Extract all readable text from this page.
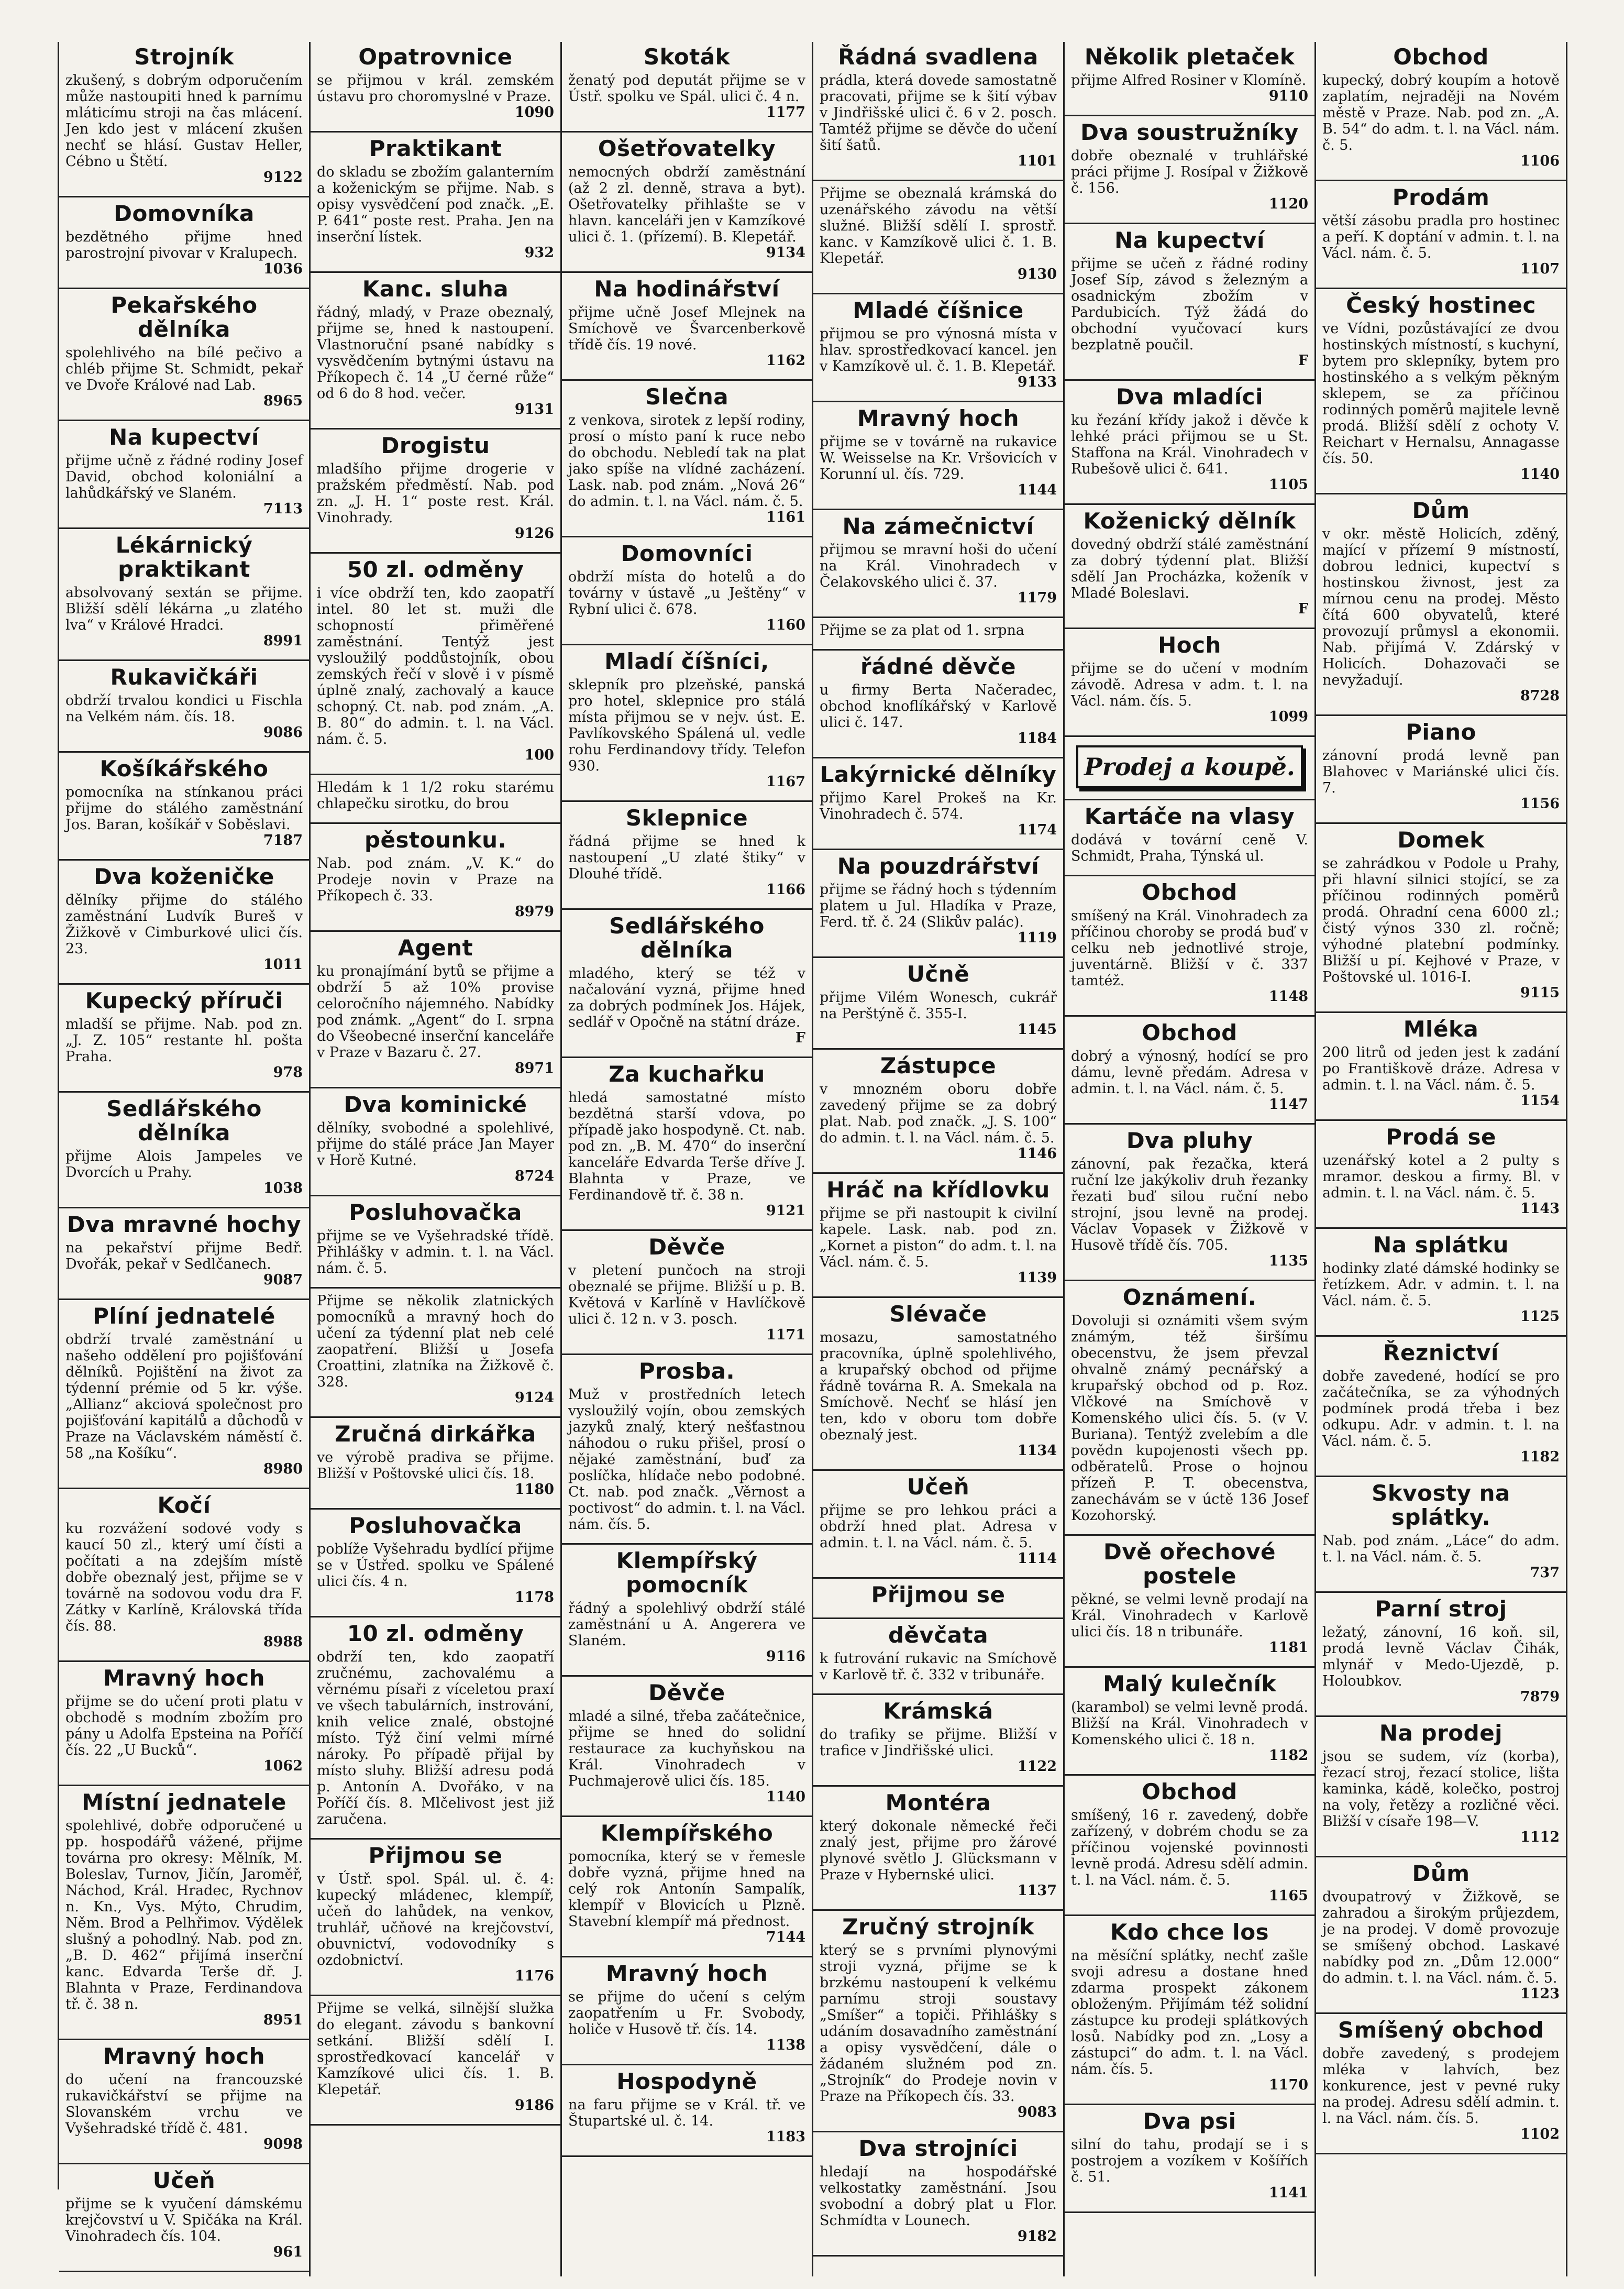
Strojník

zkušený, s dobrým odporučením může nastoupiti hned k parnímu mláticímu stroji na čas mlácení. Jen kdo jest v mlácení zkušen nechť se hlásí. Gustav Heller, Cébno u Štětí.

9122
Domovníka

bezdětného přijme hned parostrojní pivovar v Kralupech.

1036
Pekařského dělníka

spolehlivého na bílé pečivo a chléb přijme St. Schmidt, pekař ve Dvoře Králové nad Lab.

8965
Na kupectví

přijme učně z řádné rodiny Josef David, obchod koloniální a lahůdkářský ve Slaném.

7113
Lékárnický praktikant

absolvovaný sextán se přijme. Bližší sdělí lékárna „u zlatého lva“ v Králové Hradci.

8991
Rukavičkáři

obdrží trvalou kondici u Fischla na Velkém nám. čís. 18.

9086
Košíkářského

pomocníka na stínkanou práci přijme do stálého zaměstnání Jos. Baran, košíkář v Soběslavi.

7187
Dva koženičke

dělníky přijme do stálého zaměstnání Ludvík Bureš v Žižkově v Cimburkové ulici čís. 23.

1011
Kupecký příruči

mladší se přijme. Nab. pod zn. „J. Z. 105“ restante hl. pošta Praha.

978
Sedlářského dělníka

přijme Alois Jampeles ve Dvorcích u Prahy.

1038
Dva mravné hochy

na pekařství přijme Bedř. Dvořák, pekař v Sedlčanech.

9087
Plíní jednatelé

obdrží trvalé zaměstnání u našeho oddělení pro pojišťování dělníků. Pojištění na život za týdenní prémie od 5 kr. výše. „Allianz“ akciová společnost pro pojišťování kapitálů a důchodů v Praze na Václavském náměstí č. 58 „na Košíku“.

8980
Kočí

ku rozvážení sodové vody s kaucí 50 zl., který umí čísti a počítati a na zdejším místě dobře obeznalý jest, přijme se v továrně na sodovou vodu dra F. Zátky v Karlíně, Královská třída čís. 88.

8988
Mravný hoch

přijme se do učení proti platu v obchodě s modním zbožím pro pány u Adolfa Epsteina na Poříčí čís. 22 „U Bucků“.

1062
Místní jednatele

spolehlivé, dobře odporučené u pp. hospodářů vážené, přijme továrna pro okresy: Mělník, M. Boleslav, Turnov, Jičín, Jaroměř, Náchod, Král. Hradec, Rychnov n. Kn., Vys. Mýto, Chrudim, Něm. Brod a Pelhřimov. Výdělek slušný a pohodlný. Nab. pod zn. „B. D. 462“ přijímá inserční kanc. Edvarda Terše dř. J. Blahnta v Praze, Ferdinandova tř. č. 38 n.

8951
Mravný hoch

do učení na francouzské rukavičkářství se přijme na Slovanském vrchu ve Vyšehradské třídě č. 481.

9098
Učeň

přijme se k vyučení dámskému krejčovství u V. Spičáka na Král. Vinohradech čís. 104.

961
Opatrovnice

se přijmou v král. zemském ústavu pro choromyslné v Praze.

1090
Praktikant

do skladu se zbožím galanterním a koženickým se přijme. Nab. s opisy vysvědčení pod značk. „E. P. 641“ poste rest. Praha. Jen na inserční lístek.

932
Kanc. sluha

řádný, mladý, v Praze obeznalý, přijme se, hned k nastoupení. Vlastnoruční psané nabídky s vysvědčením bytnými ústavu na Příkopech č. 14 „U černé růže“ od 6 do 8 hod. večer.

9131
Drogistu

mladšího přijme drogerie v pražském předměstí. Nab. pod zn. „J. H. 1“ poste rest. Král. Vinohrady.

9126
50 zl. odměny

i více obdrží ten, kdo zaopatří intel. 80 let st. muži dle schopností přiměřené zaměstnání. Tentýž jest vysloužilý poddůstojník, obou zemských řečí v slově i v písmě úplně znalý, zachovalý a kauce schopný. Ct. nab. pod znám. „A. B. 80“ do admin. t. l. na Václ. nám. č. 5.

100

Hledám k 1 1/2 roku starému chlapečku sirotku, do brou

pěstounku.

Nab. pod znám. „V. K.“ do Prodeje novin v Praze na Příkopech č. 33.

8979
Agent

ku pronajímání bytů se přijme a obdrží 5 až 10% provise celoročního nájemného. Nabídky pod známk. „Agent“ do I. srpna do Všeobecné inserční kanceláře v Praze v Bazaru č. 27.

8971
Dva kominické

dělníky, svobodné a spolehlivé, přijme do stálé práce Jan Mayer v Horě Kutné.

8724
Posluhovačka

přijme se ve Vyšehradské třídě. Přihlášky v admin. t. l. na Václ. nám. č. 5.

Přijme se několik zlatnických pomocníků a mravný hoch do učení za týdenní plat neb celé zaopatření. Bližší u Josefa Croattini, zlatníka na Žižkově č. 328.

9124
Zručná dirkářka

ve výrobě pradiva se přijme. Bližší v Poštovské ulici čís. 18.

1180
Posluhovačka

poblíže Vyšehradu bydlící přijme se v Ústřed. spolku ve Spálené ulici čís. 4 n.

1178
10 zl. odměny

obdrží ten, kdo zaopatří zručnému, zachovalému a věrnému písaři z víceletou praxí ve všech tabulárních, instrování, knih velice znalé, obstojné místo. Týž činí velmi mírné nároky. Po případě přijal by místo sluhy. Bližší adresu podá p. Antonín A. Dvořáko, v na Poříčí čís. 8. Mlčelivost jest již zaručena.

Přijmou se

v Ústř. spol. Spál. ul. č. 4: kupecký mládenec, klempíř, učeň do lahůdek, na venkov, truhlář, učňové na krejčovství, obuvnictví, vodovodníky s ozdobnictví.

1176

Přijme se velká, silnější služka do elegant. závodu s bankovní setkání. Bližší sdělí I. sprostředkovací kancelář v Kamzíkové ulici čís. 1. B. Klepetář.

9186
Skoták

ženatý pod deputát přijme se v Ústř. spolku ve Spál. ulici č. 4 n.

1177
Ošetřovatelky

nemocných obdrží zaměstnání (až 2 zl. denně, strava a byt). Ošetřovatelky přihlašte se v hlavn. kanceláři jen v Kamzíkové ulici č. 1. (přízemí). B. Klepetář.

9134
Na hodinářství

přijme učně Josef Mlejnek na Smíchově ve Švarcenberkově třídě čís. 19 nové.

1162
Slečna

z venkova, sirotek z lepší rodiny, prosí o místo paní k ruce nebo do obchodu. Nebledí tak na plat jako spíše na vlídné zacházení. Lask. nab. pod znám. „Nová 26“ do admin. t. l. na Václ. nám. č. 5.

1161
Domovníci

obdrží místa do hotelů a do továrny v ústavě „u Ještěny“ v Rybní ulici č. 678.

1160
Mladí číšníci,

sklepník pro plzeňské, panská pro hotel, sklepnice pro stálá místa přijmou se v nejv. úst. E. Pavlíkovského Spálená ul. vedle rohu Ferdinandovy třídy. Telefon 930.

1167
Sklepnice

řádná přijme se hned k nastoupení „U zlaté štiky“ v Dlouhé třídě.

1166
Sedlářského dělníka

mladého, který se též v načalování vyzná, přijme hned za dobrých podmínek Jos. Hájek, sedlář v Opočně na státní dráze.

F
Za kuchařku

hledá samostatné místo bezdětná starší vdova, po případě jako hospodyně. Ct. nab. pod zn. „B. M. 470“ do inserční kanceláře Edvarda Terše dříve J. Blahnta v Praze, ve Ferdinandově tř. č. 38 n.

9121
Děvče

v pletení punčoch na stroji obeznalé se přijme. Bližší u p. B. Květová v Karlíně v Havlíčkově ulici č. 12 n. v 3. posch.

1171
Prosba.

Muž v prostředních letech vysloužilý vojín, obou zemských jazyků znalý, který nešťastnou náhodou o ruku přišel, prosí o nějaké zaměstnání, buď za poslíčka, hlídače nebo podobné. Ct. nab. pod značk. „Věrnost a poctivost“ do admin. t. l. na Václ. nám. čís. 5.

Klempířský pomocník

řádný a spolehlivý obdrží stálé zaměstnání u A. Angerera ve Slaném.

9116
Děvče

mladé a silné, třeba začátečnice, přijme se hned do solidní restaurace za kuchyňskou na Král. Vinohradech v Puchmajerově ulici čís. 185.

1140
Klempířského

pomocníka, který se v řemesle dobře vyzná, přijme hned na celý rok Antonín Sampalík, klempíř v Blovicích u Plzně. Stavební klempíř má přednost.

7144
Mravný hoch

se přijme do učení s celým zaopatřením u Fr. Svobody, holiče v Husově tř. čís. 14.

1138
Hospodyně

na faru přijme se v Král. tř. ve Štupartské ul. č. 14.

1183
Řádná svadlena

prádla, která dovede samostatně pracovati, přijme se k šití výbav v Jindřišské ulici č. 6 v 2. posch. Tamtéž přijme se děvče do učení šití šatů.

1101

Přijme se obeznalá krámská do uzenářského závodu na větší služné. Bližší sdělí I. sprostř. kanc. v Kamzíkově ulici č. 1. B. Klepetář.

9130
Mladé číšnice

přijmou se pro výnosná místa v hlav. sprostředkovací kancel. jen v Kamzíkově ul. č. 1. B. Klepetář.

9133
Mravný hoch

přijme se v továrně na rukavice W. Weisselse na Kr. Vršovicích v Korunní ul. čís. 729.

1144
Na zámečnictví

přijmou se mravní hoši do učení na Král. Vinohradech v Čelakovského ulici č. 37.

1179

Přijme se za plat od 1. srpna

řádné děvče

u firmy Berta Načeradec, obchod knoflíkářský v Karlově ulici č. 147.

1184
Lakýrnické dělníky

přijmo Karel Prokeš na Kr. Vinohradech č. 574.

1174
Na pouzdrářství

přijme se řádný hoch s týdenním platem u Jul. Hladíka v Praze, Ferd. tř. č. 24 (Slikův palác).

1119
Učně

přijme Vilém Wonesch, cukrář na Perštýně č. 355-I.

1145
Zástupce

v mnozném oboru dobře zavedený přijme se za dobrý plat. Nab. pod značk. „J. S. 100“ do admin. t. l. na Václ. nám. č. 5.

1146
Hráč na křídlovku

přijme se při nastoupit k civilní kapele. Lask. nab. pod zn. „Kornet a piston“ do adm. t. l. na Václ. nám. č. 5.

1139
Slévače

mosazu, samostatného pracovníka, úplně spolehlivého, a krupařský obchod od přijme řádně továrna R. A. Smekala na Smíchově. Nechť se hlásí jen ten, kdo v oboru tom dobře obeznalý jest.

1134
Učeň

přijme se pro lehkou práci a obdrží hned plat. Adresa v admin. t. l. na Václ. nám. č. 5.

1114
Přijmou se
děvčata

k futrování rukavic na Smíchově v Karlově tř. č. 332 v tribunáře.

Krámská

do trafiky se přijme. Bližší v trafice v Jindřišské ulici.

1122
Montéra

který dokonale německé řeči znalý jest, přijme pro žárové plynové světlo J. Glücksmann v Praze v Hybernské ulici.

1137
Zručný strojník

který se s prvními plynovými stroji vyzná, přijme se k brzkému nastoupení k velkému parnímu stroji soustavy „Smíšer“ a topiči. Přihlášky s udáním dosavadního zaměstnání a opisy vysvědčení, dále o žádaném služném pod zn. „Strojník“ do Prodeje novin v Praze na Příkopech čís. 33.

9083
Dva strojníci

hledají na hospodářské velkostatky zaměstnání. Jsou svobodní a dobrý plat u Flor. Schmídta v Lounech.

9182
Několik pletaček

přijme Alfred Rosiner v Klomíně.

9110
Dva soustružníky

dobře obeznalé v truhlářské práci přijme J. Rosípal v Žižkově č. 156.

1120
Na kupectví

přijme se učeň z řádné rodiny Josef Síp, závod s železným a osadnickým zbožím v Pardubicích. Týž žádá do obchodní vyučovací kurs bezplatně poučil.

F
Dva mladíci

ku řezání křídy jakož i děvče k lehké práci přijmou se u St. Staffona na Král. Vinohradech v Rubešově ulici č. 641.

1105
Koženický dělník

dovedný obdrží stálé zaměstnání za dobrý týdenní plat. Bližší sdělí Jan Procházka, koženík v Mladé Boleslavi.

F
Hoch

přijme se do učení v modním závodě. Adresa v adm. t. l. na Václ. nám. čís. 5.

1099
Prodej a koupě.
Kartáče na vlasy

dodává v tovární ceně V. Schmidt, Praha, Týnská ul.

Obchod

smíšený na Král. Vinohradech za příčinou choroby se prodá buď v celku neb jednotlivé stroje, juventárně. Bližší v č. 337 tamtéž.

1148
Obchod

dobrý a výnosný, hodící se pro dámu, levně předám. Adresa v admin. t. l. na Václ. nám. č. 5.

1147
Dva pluhy

zánovní, pak řezačka, která ruční lze jakýkoliv druh řezanky řezati buď silou ruční nebo strojní, jsou levně na prodej. Václav Vopasek v Žižkově v Husově třídě čís. 705.

1135
Oznámení.

Dovoluji si oznámiti všem svým známým, též širšímu obecenstvu, že jsem převzal ohvalně známý pecnářský a krupařský obchod od p. Roz. Vlčkové na Smíchově v Komenského ulici čís. 5. (v V. Buriana). Tentýž zvelebím a dle povědn kupojenosti všech pp. odběratelů. Prose o hojnou přízeň P. T. obecenstva, zanechávám se v úctě 136 Josef Kozohorský.

Dvě ořechové postele

pěkné, se velmi levně prodají na Král. Vinohradech v Karlově ulici čís. 18 n tribunáře.

1181
Malý kulečník

(karambol) se velmi levně prodá. Bližší na Král. Vinohradech v Komenského ulici č. 18 n.

1182
Obchod

smíšený, 16 r. zavedený, dobře zařízený, v dobrém chodu se za příčinou vojenské povinnosti levně prodá. Adresu sdělí admin. t. l. na Václ. nám. č. 5.

1165
Kdo chce los

na měsíční splátky, nechť zašle svoji adresu a dostane hned zdarma prospekt zákonem obloženým. Přijímám též solidní zástupce ku prodeji splátkových losů. Nabídky pod zn. „Losy a zástupci“ do adm. t. l. na Václ. nám. čís. 5.

1170
Dva psi

silní do tahu, prodají se i s postrojem a vozíkem v Košířích č. 51.

1141
Obchod

kupecký, dobrý koupím a hotově zaplatím, nejraději na Novém městě v Praze. Nab. pod zn. „A. B. 54“ do adm. t. l. na Václ. nám. č. 5.

1106
Prodám

větší zásobu pradla pro hostinec a peří. K doptání v admin. t. l. na Václ. nám. č. 5.

1107
Český hostinec

ve Vídni, pozůstávající ze dvou hostinských místností, s kuchyní, bytem pro sklepníky, bytem pro hostinského a s velkým pěkným sklepem, se za příčinou rodinných poměrů majitele levně prodá. Bližší sdělí z ochoty V. Reichart v Hernalsu, Annagasse čís. 50.

1140
Dům

v okr. městě Holicích, zděný, mající v přízemí 9 místností, dobrou lednici, kupectví s hostinskou živnost, jest za mírnou cenu na prodej. Město čítá 600 obyvatelů, které provozují průmysl a ekonomii. Nab. přijímá V. Zdárský v Holicích. Dohazovači se nevyžadují.

8728
Piano

zánovní prodá levně pan Blahovec v Mariánské ulici čís. 7.

1156
Domek

se zahrádkou v Podole u Prahy, při hlavní silnici stojící, se za příčinou rodinných poměrů prodá. Ohradní cena 6000 zl.; čistý výnos 330 zl. ročně; výhodné platební podmínky. Bližší u pí. Kejhové v Praze, v Poštovské ul. 1016-I.

9115
Mléka

200 litrů od jeden jest k zadání po Františkově dráze. Adresa v admin. t. l. na Václ. nám. č. 5.

1154
Prodá se

uzenářský kotel a 2 pulty s mramor. deskou a firmy. Bl. v admin. t. l. na Václ. nám. č. 5.

1143
Na splátku

hodinky zlaté dámské hodinky se řetízkem. Adr. v admin. t. l. na Václ. nám. č. 5.

1125
Řeznictví

dobře zavedené, hodící se pro začátečníka, se za výhodných podmínek prodá třeba i bez odkupu. Adr. v admin. t. l. na Václ. nám. č. 5.

1182
Skvosty na splátky.

Nab. pod znám. „Láce“ do adm. t. l. na Václ. nám. č. 5.

737
Parní stroj

ležatý, zánovní, 16 koň. sil, prodá levně Václav Čihák, mlynář v Medo-Ujezdě, p. Holoubkov.

7879
Na prodej

jsou se sudem, víz (korba), řezací stroj, řezací stolice, lišta kaminka, kádě, kolečko, postroj na voly, řetězy a rozličné věci. Bližší v císaře 198—V.

1112
Dům

dvoupatrový v Žižkově, se zahradou a širokým průjezdem, je na prodej. V domě provozuje se smíšený obchod. Laskavé nabídky pod zn. „Dům 12.000“ do admin. t. l. na Václ. nám. č. 5.

1123
Smíšený obchod

dobře zavedený, s prodejem mléka v lahvích, bez konkurence, jest v pevné ruky na prodej. Adresu sdělí admin. t. l. na Václ. nám. čís. 5.

1102
